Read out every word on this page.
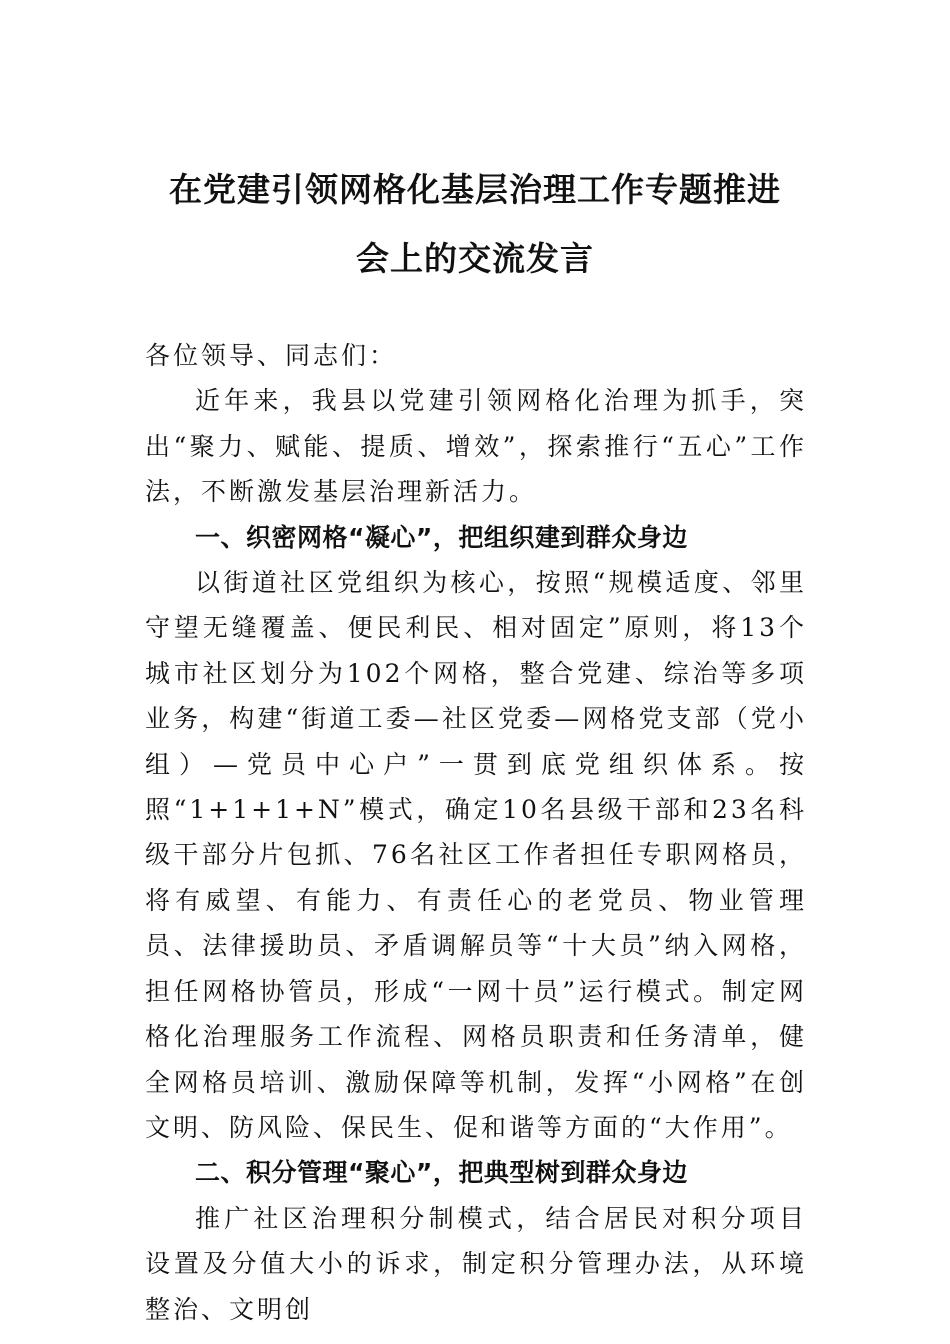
在党建引领网格化基层治理工作专题推进
会上的交流发言

各位领导、同志们：

近年来，我县以党建引领网格化治理为抓手，突出“聚力、赋能、提质、增效”，探索推行“五心”工作法，不断激发基层治理新活力。

一、织密网格“凝心”，把组织建到群众身边

以街道社区党组织为核心，按照“规模适度、邻里守望无缝覆盖、便民利民、相对固定”原则，将13个城市社区划分为102个网格，整合党建、综治等多项业务，构建“街道工委—社区党委—网格党支部（党小组）—党员中心户”一贯到底党组织体系。按照“1+1+1+N”模式，确定10名县级干部和23名科级干部分片包抓、76名社区工作者担任专职网格员，将有威望、有能力、有责任心的老党员、物业管理员、法律援助员、矛盾调解员等“十大员”纳入网格，担任网格协管员，形成“一网十员”运行模式。制定网格化治理服务工作流程、网格员职责和任务清单，健全网格员培训、激励保障等机制，发挥“小网格”在创文明、防风险、保民生、促和谐等方面的“大作用”。

二、积分管理“聚心”，把典型树到群众身边

推广社区治理积分制模式，结合居民对积分项目设置及分值大小的诉求，制定积分管理办法，从环境整治、文明创
